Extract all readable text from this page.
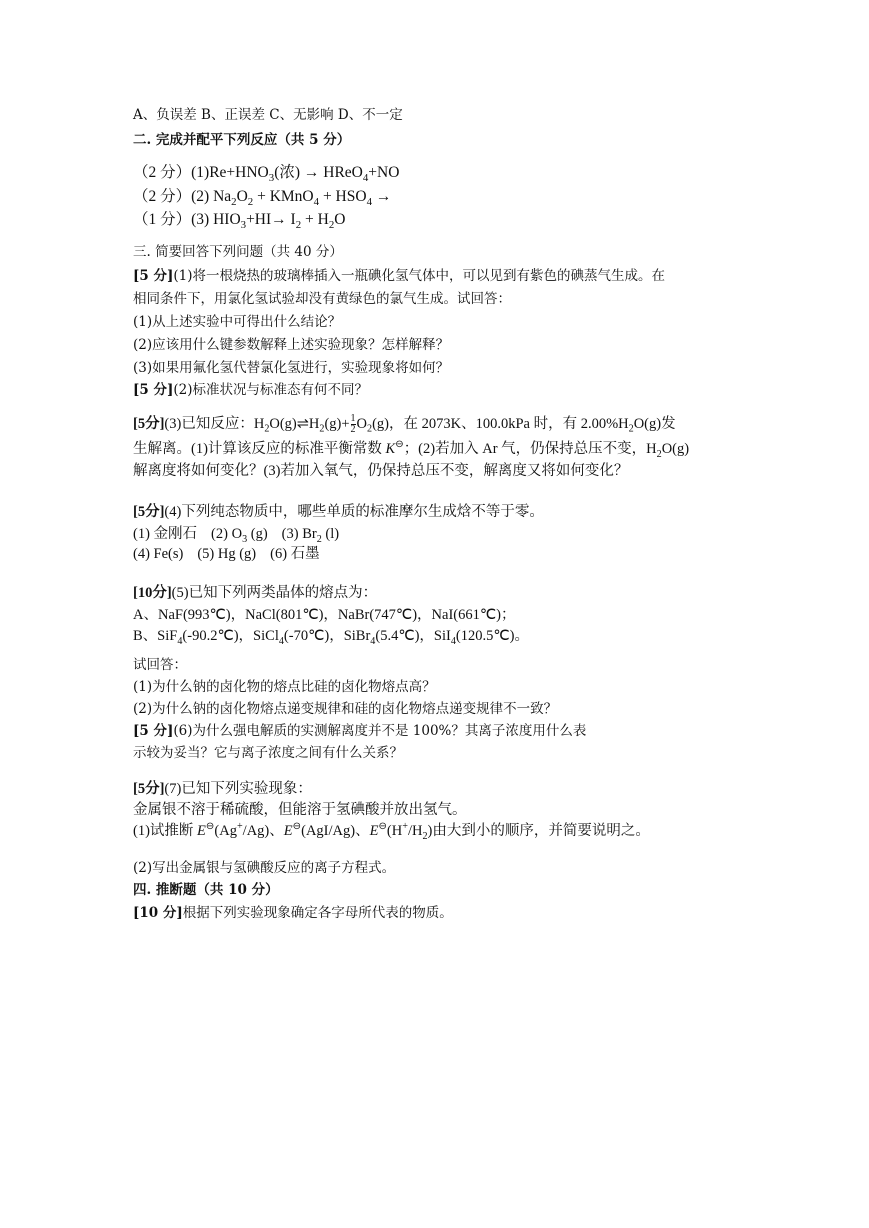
A、负误差 B、正误差 C、无影响 D、不一定
二. 完成并配平下列反应（共 5 分）
（2 分）$(1)Re+HNO_3$(浓) → HReO$_4$+NO
（2 分）(2) $Na_2O_2$ + KMnO$_4$ + $HSO_4$ →
（1 分）(3) $HIO_3+HI\to I_2 + H_2O$
三. 简要回答下列问题（共 40 分）
[5 分](1)将一根烧热的玻璃棒插入一瓶碘化氢气体中，可以见到有紫色的碘蒸气生成。在
相同条件下，用氯化氢试验却没有黄绿色的氯气生成。试回答：
(1)从上述实验中可得出什么结论？
(2)应该用什么键参数解释上述实验现象？怎样解释？
(3)如果用氟化氢代替氯化氢进行，实验现象将如何？
[5 分](2)标准状况与标准态有何不同？
[5分](3)已知反应：$H_2O(g)\rightleftharpoons H_2(g)+ \frac{1}{2} O_2(g)$，在 2073K、100.0kPa 时，有 $2.00\%H_2O(g)$发
生解离。(1)计算该反应的标准平衡常数 K⊖；(2)若加入 Ar 气，仍保持总压不变，$H_2O(g)$
解离度将如何变化？(3)若加入氧气，仍保持总压不变，解离度又将如何变化？
[5分](4)下列纯态物质中，哪些单质的标准摩尔生成焓不等于零。
(1) 金刚石 (2) $O_3$ (g) (3) $Br_2$ (l)
(4) Fe(s) (5) Hg (g) (6) 石墨
[10分](5)已知下列两类晶体的熔点为：
A、NaF(993℃)，NaCl(801℃)，NaBr(747℃)，NaI(661℃)；
B、SiF$_4$(-90.2℃)，SiCl$_4$(-70℃)，SiBr$_4$(5.4℃)，SiI$_4$(120.5℃)。
试回答：
(1)为什么钠的卤化物的熔点比硅的卤化物熔点高？
(2)为什么钠的卤化物熔点递变规律和硅的卤化物熔点递变规律不一致？
[5 分](6)为什么强电解质的实测解离度并不是 100%？其离子浓度用什么表
示较为妥当？它与离子浓度之间有什么关系？
[5分](7)已知下列实验现象：
金属银不溶于稀硫酸，但能溶于氢碘酸并放出氢气。
(1)试推断 E⊖(Ag+/Ag)、E⊖(AgI/Ag)、$E^⊖(H^+/H_2)$由大到小的顺序，并简要说明之。
(2)写出金属银与氢碘酸反应的离子方程式。
四. 推断题（共 10 分）
[10 分]根据下列实验现象确定各字母所代表的物质。
